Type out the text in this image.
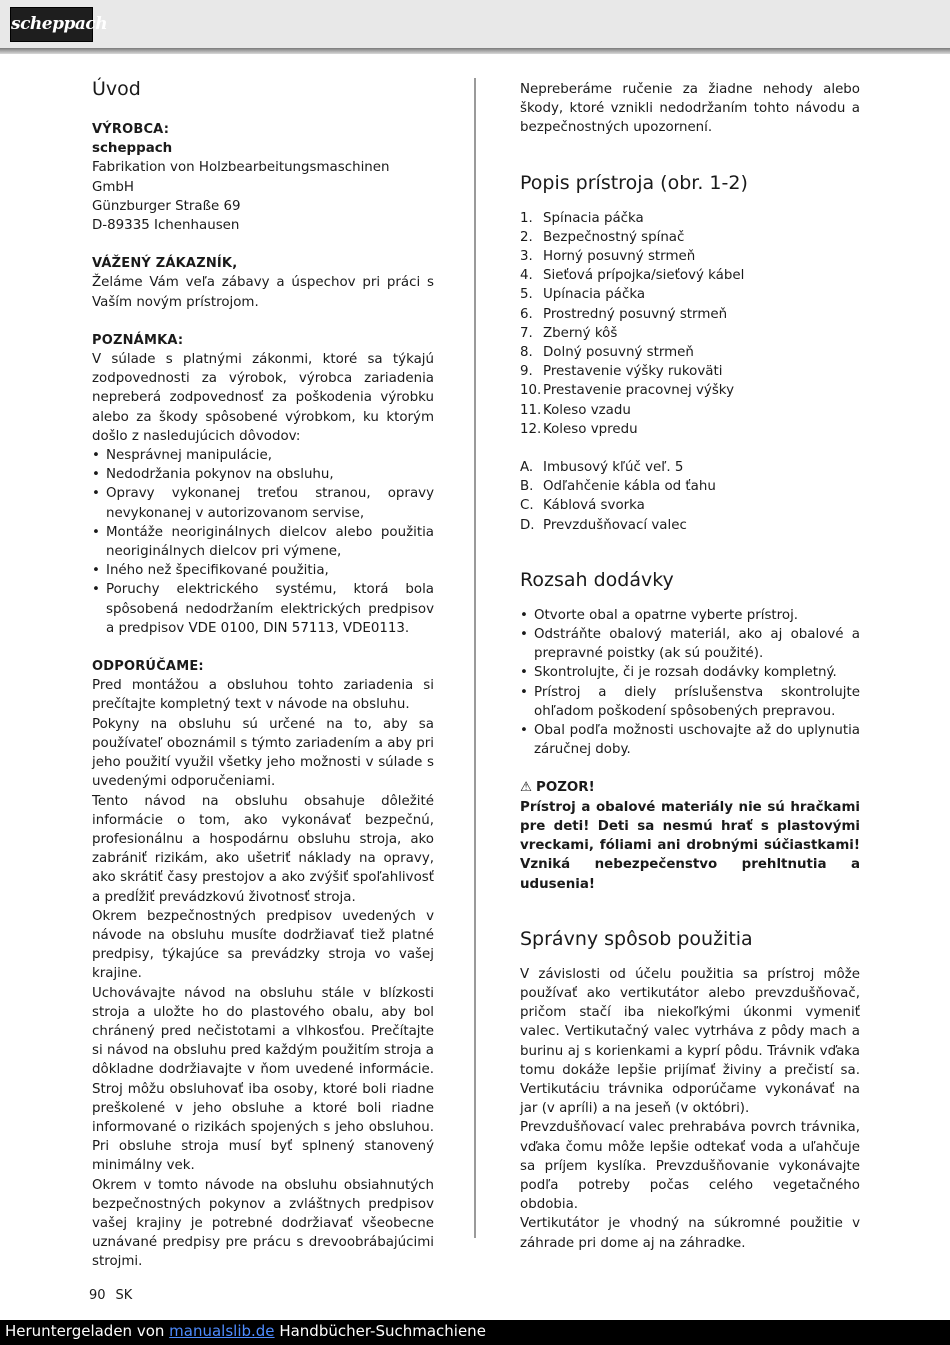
scheppach
Úvod

VÝROBCA:

scheppach

Fabrikation von Holzbearbeitungsmaschinen GmbH

Günzburger Straße 69

D-89335 Ichenhausen

VÁŽENÝ ZÁKAZNÍK,

Želáme Vám veľa zábavy a úspechov pri práci s Vaším novým prístrojom.

POZNÁMKA:

V súlade s platnými zákonmi, ktoré sa týkajú zodpovednosti za výrobok, výrobca zariadenia nepreberá zodpovednosť za poškodenia výrobku alebo za škody spôsobené výrobkom, ku ktorým došlo z nasledujúcich dôvodov:

• Nesprávnej manipulácie,
• Nedodržania pokynov na obsluhu,
• Opravy vykonanej treťou stranou, opravy nevykonanej v autorizovanom servise,
• Montáže neoriginálnych dielcov alebo použitia neoriginálnych dielcov pri výmene,
• Iného než špecifikované použitia,
• Poruchy elektrického systému, ktorá bola spôsobená nedodržaním elektrických predpisov a predpisov VDE 0100, DIN 57113, VDE0113.

ODPORÚČAME:

Pred montážou a obsluhou tohto zariadenia si prečítajte kompletný text v návode na obsluhu.

Pokyny na obsluhu sú určené na to, aby sa používateľ oboznámil s týmto zariadením a aby pri jeho použití využil všetky jeho možnosti v súlade s uvedenými odporučeniami.

Tento návod na obsluhu obsahuje dôležité informácie o tom, ako vykonávať bezpečnú, profesionálnu a hospodárnu obsluhu stroja, ako zabrániť rizikám, ako ušetriť náklady na opravy, ako skrátiť časy prestojov a ako zvýšiť spoľahlivosť a predĺžiť prevádzkovú životnosť stroja.

Okrem bezpečnostných predpisov uvedených v návode na obsluhu musíte dodržiavať tiež platné predpisy, týkajúce sa prevádzky stroja vo vašej krajine.

Uchovávajte návod na obsluhu stále v blízkosti stroja a uložte ho do plastového obalu, aby bol chránený pred nečistotami a vlhkosťou. Prečítajte si návod na obsluhu pred každým použitím stroja a dôkladne dodržiavajte v ňom uvedené informácie. Stroj môžu obsluhovať iba osoby, ktoré boli riadne preškolené v jeho obsluhe a ktoré boli riadne informované o rizikách spojených s jeho obsluhou. Pri obsluhe stroja musí byť splnený stanovený minimálny vek.

Okrem v tomto návode na obsluhu obsiahnutých bezpečnostných pokynov a zvláštnych predpisov vašej krajiny je potrebné dodržiavať všeobecne uznávané predpisy pre prácu s drevoobrábajúcimi strojmi.

Nepreberáme ručenie za žiadne nehody alebo škody, ktoré vznikli nedodržaním tohto návodu a bezpečnostných upozornení.

Popis prístroja (obr. 1-2)
1. Spínacia páčka
2. Bezpečnostný spínač
3. Horný posuvný strmeň
4. Sieťová prípojka/sieťový kábel
5. Upínacia páčka
6. Prostredný posuvný strmeň
7. Zberný kôš
8. Dolný posuvný strmeň
9. Prestavenie výšky rukoväti
10. Prestavenie pracovnej výšky
11. Koleso vzadu
12. Koleso vpredu
A. Imbusový kľúč veľ. 5
B. Odľahčenie kábla od ťahu
C. Káblová svorka
D. Prevzdušňovací valec
Rozsah dodávky
• Otvorte obal a opatrne vyberte prístroj.
• Odstráňte obalový materiál, ako aj obalové a prepravné poistky (ak sú použité).
• Skontrolujte, či je rozsah dodávky kompletný.
• Prístroj a diely príslušenstva skontrolujte ohľadom poškodení spôsobených prepravou.
• Obal podľa možnosti uschovajte až do uplynutia záručnej doby.

⚠ POZOR!

Prístroj a obalové materiály nie sú hračkami pre deti! Deti sa nesmú hrať s plastovými vreckami, fóliami ani drobnými súčiastkami! Vzniká nebezpečenstvo prehltnutia a udusenia!

Správny spôsob použitia

V závislosti od účelu použitia sa prístroj môže používať ako vertikutátor alebo prevzdušňovač, pričom stačí iba niekoľkými úkonmi vymeniť valec. Vertikutačný valec vytrháva z pôdy mach a burinu aj s korienkami a kyprí pôdu. Trávnik vďaka tomu dokáže lepšie prijímať živiny a prečistí sa. Vertikutáciu trávnika odporúčame vykonávať na jar (v apríli) a na jeseň (v októbri).

Prevzdušňovací valec prehrabáva povrch trávnika, vďaka čomu môže lepšie odtekať voda a uľahčuje sa príjem kyslíka. Prevzdušňovanie vykonávajte podľa potreby počas celého vegetačného obdobia.

Vertikutátor je vhodný na súkromné použitie v záhrade pri dome aj na záhradke.

90 SK
Heruntergeladen von manualslib.de Handbücher-Suchmachiene
